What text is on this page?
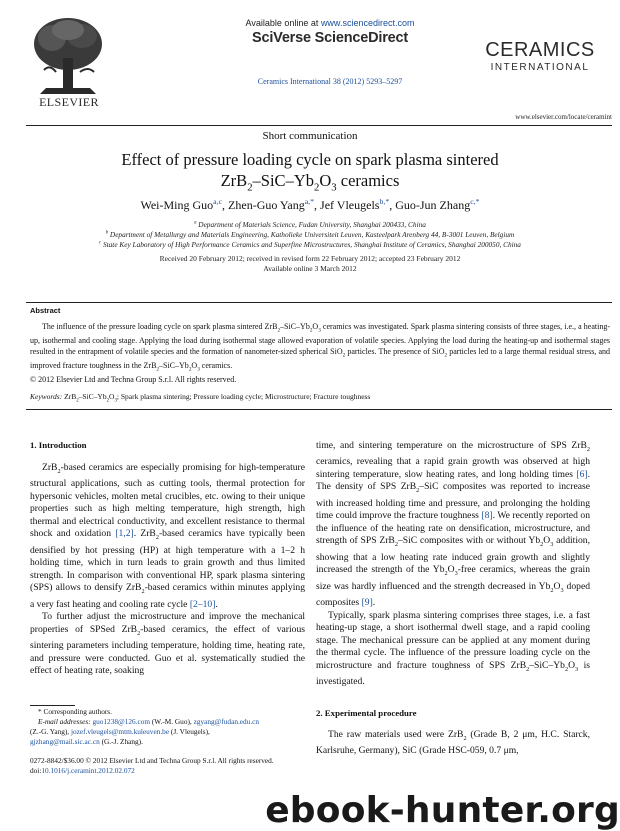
ELSEVIER
Available online at www.sciencedirect.com
SciVerse ScienceDirect
Ceramics International 38 (2012) 5293–5297
CERAMICS
INTERNATIONAL
www.elsevier.com/locate/ceramint
Short communication
Effect of pressure loading cycle on spark plasma sintered
$ZrB_2-SiC-Yb_2O_3$ ceramics
Wei-Ming Guo$^{a,c}$, Zhen-Guo Yang$^{a,*}$, Jef Vleugels$^{b,*}$, Guo-Jun Zhang$^{c,*}$
$^a$ Department of Materials Science, Fudan University, Shanghai 200433, China
$^b$ Department of Metallurgy and Materials Engineering, Katholieke Universiteit Leuven, Kasteelpark Arenberg 44, B-3001 Leuven, Belgium
$^c$ State Key Laboratory of High Performance Ceramics and Superfine Microstructures, Shanghai Institute of Ceramics, Shanghai 200050, China
Received 20 February 2012; received in revised form 22 February 2012; accepted 23 February 2012
Available online 3 March 2012
Abstract
The influence of the pressure loading cycle on spark plasma sintered $ZrB_2-SiC-Yb_2O_3$ ceramics was investigated. Spark plasma sintering consists of three stages, i.e., a heating-up, isothermal and cooling stage. Applying the load during isothermal stage allowed evaporation of volatile species. Applying the load during the heating-up and isothermal stages resulted in the entrapment of volatile species and the formation of nanometer-sized spherical SiO$_2$ particles. The presence of SiO$_2$ particles led to a large thermal residual stress, and improved fracture toughness in the $ZrB_2-SiC-Yb_2O_3$ ceramics.
© 2012 Elsevier Ltd and Techna Group S.r.l. All rights reserved.
Keywords: $ZrB_2-SiC-Yb_2O_3$; Spark plasma sintering; Pressure loading cycle; Microstructure; Fracture toughness
1. Introduction

ZrB$_2$-based ceramics are especially promising for high-temperature structural applications, such as cutting tools, thermal protection for hypersonic vehicles, molten metal crucibles, etc. owing to their unique properties such as high melting temperature, high strength, high thermal and electrical conductivity, and excellent resistance to thermal shock and oxidation [1,2]. ZrB$_2$-based ceramics have typically been densified by hot pressing (HP) at high temperature with a 1–2 h holding time, which in turn leads to grain growth and thus limited strength. In comparison with conventional HP, spark plasma sintering (SPS) allows to densify ZrB$_2$-based ceramics within minutes applying a very fast heating and cooling rate cycle [2–10].

To further adjust the microstructure and improve the mechanical properties of SPSed ZrB$_2$-based ceramics, the effect of various sintering parameters including temperature, holding time, heating rate, and pressure were conducted. Guo et al. systematically studied the effect of heating rate, soaking

time, and sintering temperature on the microstructure of SPS ZrB$_2$ ceramics, revealing that a rapid grain growth was observed at high sintering temperature, slow heating rates, and long holding times [6]. The density of SPS ZrB$_2$–SiC composites was reported to increase with increased holding time and pressure, and prolonging the holding time could improve the fracture toughness [8]. We recently reported on the influence of the heating rate on densification, microstructure, and strength of SPS ZrB$_2$–SiC composites with or without $Yb_2O_3$ addition, showing that a low heating rate induced grain growth and slightly increased the strength of the $Yb_2O_3$-free ceramics, whereas the grain size was hardly influenced and the strength decreased in $Yb_2O_3$ doped composites [9].

Typically, spark plasma sintering comprises three stages, i.e. a fast heating-up stage, a short isothermal dwell stage, and a rapid cooling stage. The mechanical pressure can be applied at any moment during the thermal cycle. The influence of the pressure loading cycle on the microstructure and fracture toughness of SPS $ZrB_2-SiC-Yb_2O_3$ is investigated.

2. Experimental procedure

The raw materials used were ZrB$_2$ (Grade B, 2 μm, H.C. Starck, Karlsruhe, Germany), SiC (Grade HSC-059, 0.7 μm,

* Corresponding authors.
E-mail addresses: guo1238@126.com (W.-M. Guo), zgyang@fudan.edu.cn
(Z.-G. Yang), jozef.vleugels@mtm.kuleuven.be (J. Vleugels),
gjzhang@mail.sic.ac.cn (G.-J. Zhang).
0272-8842/$36.00 © 2012 Elsevier Ltd and Techna Group S.r.l. All rights reserved.
doi:10.1016/j.ceramint.2012.02.072
ebook-hunter.org
